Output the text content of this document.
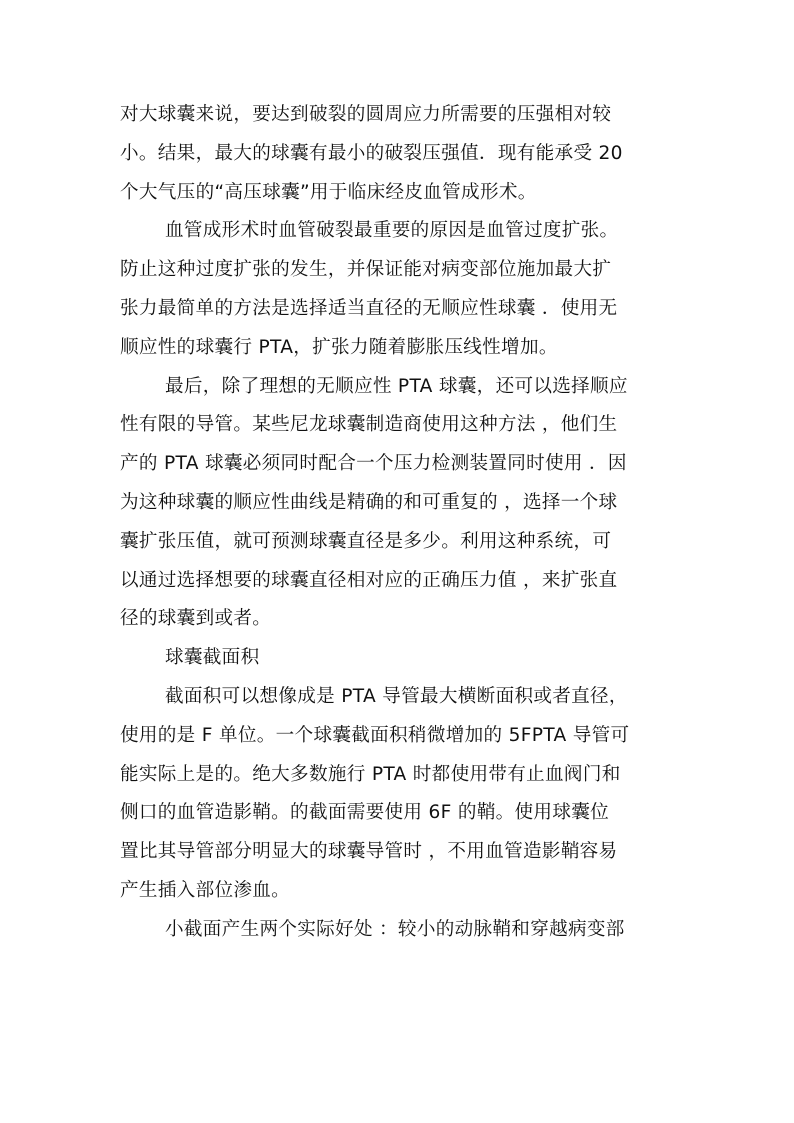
对大球囊来说，要达到破裂的圆周应力所需要的压强相对较
小。结果，最大的球囊有最小的破裂压强值．现有能承受 20
个大气压的“高压球囊”用于临床经皮血管成形术。
血管成形术时血管破裂最重要的原因是血管过度扩张。
防止这种过度扩张的发生，并保证能对病变部位施加最大扩
张力最简单的方法是选择适当直径的无顺应性球囊 ．使用无
顺应性的球囊行 PTA，扩张力随着膨胀压线性增加。
最后，除了理想的无顺应性 PTA 球囊，还可以选择顺应
性有限的导管。某些尼龙球囊制造商使用这种方法 ，他们生
产的 PTA 球囊必须同时配合一个压力检测装置同时使用 ．因
为这种球囊的顺应性曲线是精确的和可重复的 ，选择一个球
囊扩张压值，就可预测球囊直径是多少。利用这种系统，可
以通过选择想要的球囊直径相对应的正确压力值 ，来扩张直
径的球囊到或者。
球囊截面积
截面积可以想像成是 PTA 导管最大横断面积或者直径，
使用的是 F 单位。一个球囊截面积稍微增加的 5FPTA 导管可
能实际上是的。绝大多数施行 PTA 时都使用带有止血阀门和
侧口的血管造影鞘。的截面需要使用 6F 的鞘。使用球囊位
置比其导管部分明显大的球囊导管时 ，不用血管造影鞘容易
产生插入部位渗血。
小截面产生两个实际好处 ：较小的动脉鞘和穿越病变部
